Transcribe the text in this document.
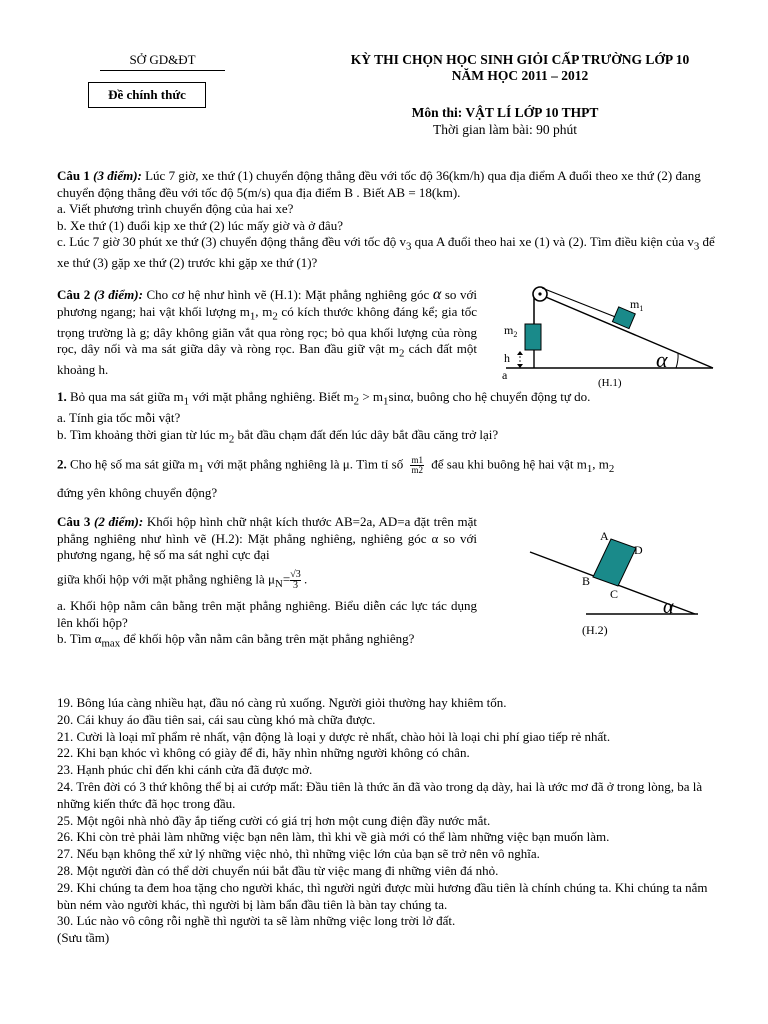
SỞ GD&ĐT
Đề chính thức
KỲ THI CHỌN HỌC SINH GIỎI CẤP TRƯỜNG LỚP 10
NĂM HỌC 2011 – 2012
Môn thi: VẬT LÍ LỚP 10 THPT
Thời gian làm bài: 90 phút

Câu 1 (3 điểm): Lúc 7 giờ, xe thứ (1) chuyển động thẳng đều với tốc độ 36(km/h) qua địa điểm A đuổi theo xe thứ (2) đang chuyển động thẳng đều với tốc độ 5(m/s) qua địa điểm B . Biết AB = 18(km).

a. Viết phương trình chuyển động của hai xe?

b. Xe thứ (1) đuổi kịp xe thứ (2) lúc mấy giờ và ở đâu?

c. Lúc 7 giờ 30 phút xe thứ (3) chuyển động thẳng đều với tốc độ $v_3$ qua A đuổi theo hai xe (1) và (2). Tìm điều kiện của $v_3$ để xe thứ (3) gặp xe thứ (2) trước khi gặp xe thứ (1)?

Câu 2 (3 điểm): Cho cơ hệ như hình vẽ (H.1): Mặt phẳng nghiêng góc α so với phương ngang; hai vật khối lượng $m_1$, $m_2$ có kích thước không đáng kể; gia tốc trọng trường là g; dây không giãn vắt qua ròng rọc; bỏ qua khối lượng của ròng rọc, dây nối và ma sát giữa dây và ròng rọc. Ban đầu giữ vật $m_2$ cách đất một khoảng h.

1. Bỏ qua ma sát giữa $m_1$ với mặt phẳng nghiêng. Biết $m_2 > m_1\sin\alpha$, buông cho hệ chuyển động tự do.

a. Tính gia tốc mỗi vật?

b. Tìm khoảng thời gian từ lúc $m_2$ bắt đầu chạm đất đến lúc dây bắt đầu căng trở lại?

2. Cho hệ số ma sát giữa $m_1$ với mặt phẳng nghiêng là μ. Tìm tỉ số $\frac{m1}{m2}$ để sau khi buông hệ hai vật $m_1$, $m_2$

đứng yên không chuyển động?

$m_1$
$m_2$
h
a
α
(H.1)

Câu 3 (2 điểm): Khối hộp hình chữ nhật kích thước AB=2a, AD=a đặt trên mặt phẳng nghiêng như hình vẽ (H.2): Mặt phẳng nghiêng, nghiêng góc α so với phương ngang, hệ số ma sát nghỉ cực đại

giữa khối hộp với mặt phẳng nghiêng là $\mu_N= \frac{√3}{3}$ .

a. Khối hộp nằm cân bằng trên mặt phẳng nghiêng. Biểu diễn các lực tác dụng lên khối hộp?

b. Tìm $\alpha_{max}$ để khối hộp vẫn nằm cân bằng trên mặt phẳng nghiêng?

A
D
B
C
α
(H.2)

19. Bông lúa càng nhiều hạt, đầu nó càng rủ xuống. Người giỏi thường hay khiêm tốn.

20. Cái khuy áo đầu tiên sai, cái sau cùng khó mà chữa được.

21. Cười là loại mĩ phẩm rẻ nhất, vận động là loại y dược rẻ nhất, chào hỏi là loại chi phí giao tiếp rẻ nhất.

22. Khi bạn khóc vì không có giày để đi, hãy nhìn những người không có chân.

23. Hạnh phúc chỉ đến khi cánh cửa đã được mở.

24. Trên đời có 3 thứ không thể bị ai cướp mất: Đầu tiên là thức ăn đã vào trong dạ dày, hai là ước mơ đã ở trong lòng, ba là những kiến thức đã học trong đầu.

25. Một ngôi nhà nhỏ đầy ắp tiếng cười có giá trị hơn một cung điện đầy nước mắt.

26. Khi còn trẻ phải làm những việc bạn nên làm, thì khi về già mới có thể làm những việc bạn muốn làm.

27. Nếu bạn không thể xử lý những việc nhỏ, thì những việc lớn của bạn sẽ trở nên vô nghĩa.

28. Một người đàn có thể dời chuyển núi bắt đầu từ việc mang đi những viên đá nhỏ.

29. Khi chúng ta đem hoa tặng cho người khác, thì người ngửi được mùi hương đầu tiên là chính chúng ta. Khi chúng ta nắm bùn ném vào người khác, thì người bị làm bẩn đầu tiên là bàn tay chúng ta.

30. Lúc nào vô công rỗi nghề thì người ta sẽ làm những việc long trời lở đất.

(Sưu tầm)
